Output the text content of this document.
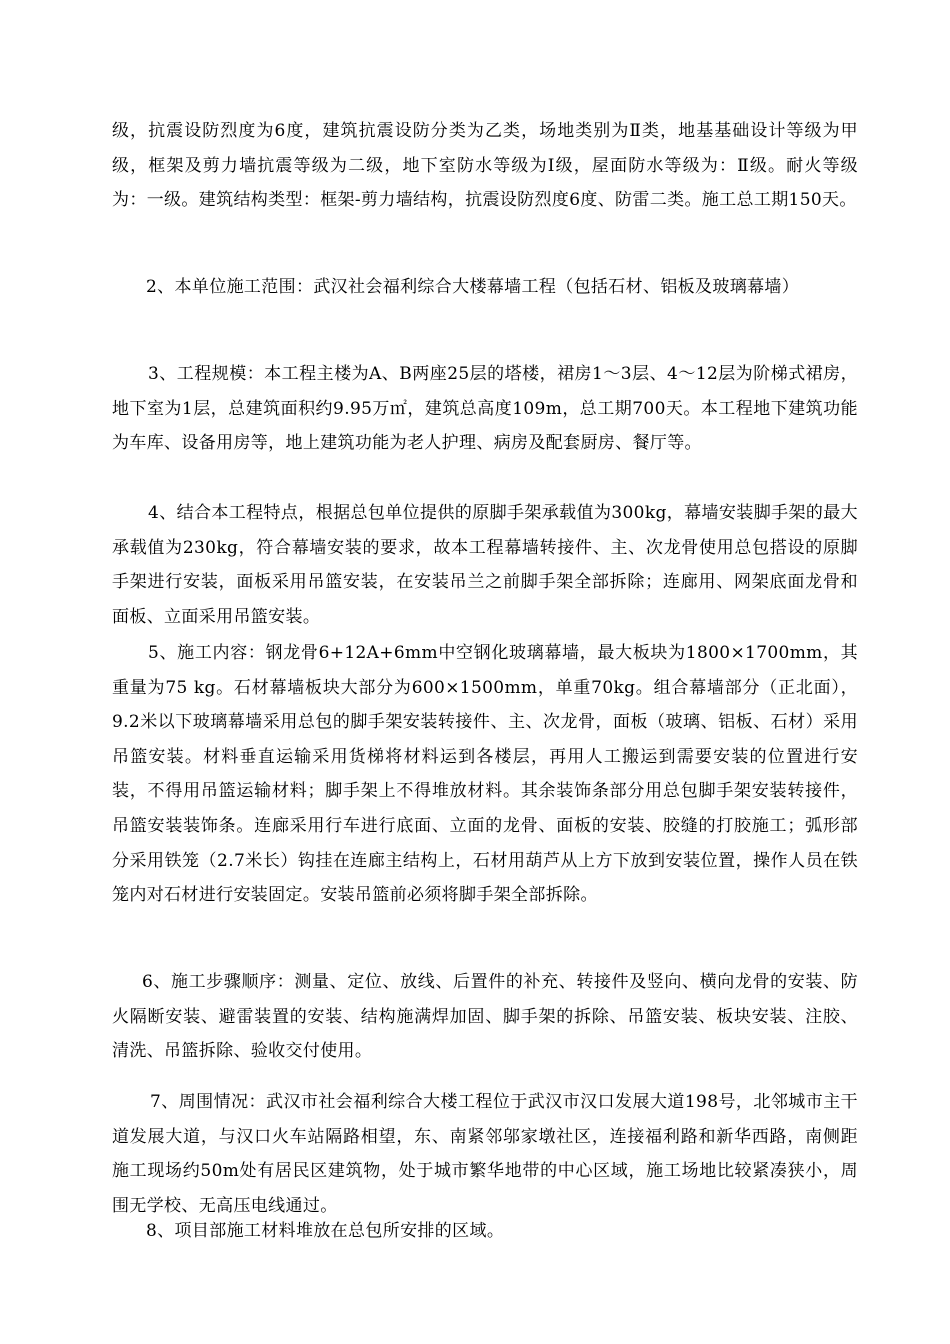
级，抗震设防烈度为6度，建筑抗震设防分类为乙类，场地类别为Ⅱ类，地基基础设计等级为甲级，框架及剪力墙抗震等级为二级，地下室防水等级为Ⅰ级，屋面防水等级为：Ⅱ级。耐火等级为：一级。建筑结构类型：框架-剪力墙结构，抗震设防烈度6度、防雷二类。施工总工期150天。

2、本单位施工范围：武汉社会福利综合大楼幕墙工程（包括石材、铝板及玻璃幕墙）

3、工程规模：本工程主楼为A、B两座25层的塔楼，裙房1～3层、4～12层为阶梯式裙房，地下室为1层，总建筑面积约9.95万㎡，建筑总高度109m，总工期700天。本工程地下建筑功能为车库、设备用房等，地上建筑功能为老人护理、病房及配套厨房、餐厅等。

4、结合本工程特点，根据总包单位提供的原脚手架承载值为300kg，幕墙安装脚手架的最大承载值为230kg，符合幕墙安装的要求，故本工程幕墙转接件、主、次龙骨使用总包搭设的原脚手架进行安装，面板采用吊篮安装，在安装吊兰之前脚手架全部拆除；连廊用、网架底面龙骨和面板、立面采用吊篮安装。

5、施工内容：钢龙骨6+12A+6mm中空钢化玻璃幕墙，最大板块为1800×1700mm，其重量为75 kg。石材幕墙板块大部分为600×1500mm，单重70kg。组合幕墙部分（正北面），9.2米以下玻璃幕墙采用总包的脚手架安装转接件、主、次龙骨，面板（玻璃、铝板、石材）采用吊篮安装。材料垂直运输采用货梯将材料运到各楼层，再用人工搬运到需要安装的位置进行安装，不得用吊篮运输材料；脚手架上不得堆放材料。其余装饰条部分用总包脚手架安装转接件，吊篮安装装饰条。连廊采用行车进行底面、立面的龙骨、面板的安装、胶缝的打胶施工；弧形部分采用铁笼（2.7米长）钩挂在连廊主结构上，石材用葫芦从上方下放到安装位置，操作人员在铁笼内对石材进行安装固定。安装吊篮前必须将脚手架全部拆除。

6、施工步骤顺序：测量、定位、放线、后置件的补充、转接件及竖向、横向龙骨的安装、防火隔断安装、避雷装置的安装、结构施满焊加固、脚手架的拆除、吊篮安装、板块安装、注胶、清洗、吊篮拆除、验收交付使用。

7、周围情况：武汉市社会福利综合大楼工程位于武汉市汉口发展大道198号，北邻城市主干道发展大道，与汉口火车站隔路相望，东、南紧邻邬家墩社区，连接福利路和新华西路，南侧距施工现场约50m处有居民区建筑物，处于城市繁华地带的中心区域，施工场地比较紧凑狭小，周围无学校、无高压电线通过。

8、项目部施工材料堆放在总包所安排的区域。
